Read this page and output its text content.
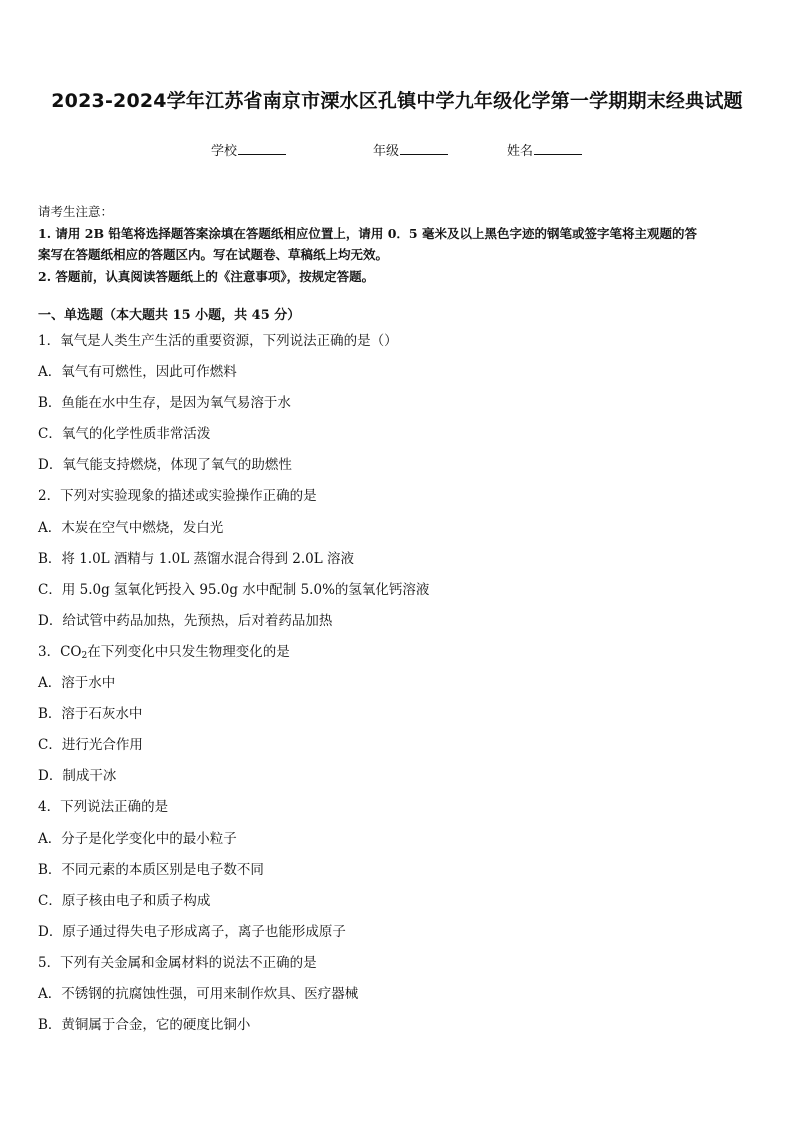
2023-2024学年江苏省南京市溧水区孔镇中学九年级化学第一学期期末经典试题
学校	年级	姓名
请考生注意：
1. 请用 2B 铅笔将选择题答案涂填在答题纸相应位置上，请用 0．5 毫米及以上黑色字迹的钢笔或签字笔将主观题的答
案写在答题纸相应的答题区内。写在试题卷、草稿纸上均无效。
2. 答题前，认真阅读答题纸上的《注意事项》，按规定答题。
一、单选题（本大题共 15 小题，共 45 分）
1．氧气是人类生产生活的重要资源，下列说法正确的是（）
A．氧气有可燃性，因此可作燃料
B．鱼能在水中生存，是因为氧气易溶于水
C．氧气的化学性质非常活泼
D．氧气能支持燃烧，体现了氧气的助燃性
2．下列对实验现象的描述或实验操作正确的是
A．木炭在空气中燃烧，发白光
B．将 1.0L 酒精与 1.0L 蒸馏水混合得到 2.0L 溶液
C．用 5.0g 氢氧化钙投入 95.0g 水中配制 5.0%的氢氧化钙溶液
D．给试管中药品加热，先预热，后对着药品加热
3．$CO_2$在下列变化中只发生物理变化的是
A．溶于水中
B．溶于石灰水中
C．进行光合作用
D．制成干冰
4．下列说法正确的是
A．分子是化学变化中的最小粒子
B．不同元素的本质区别是电子数不同
C．原子核由电子和质子构成
D．原子通过得失电子形成离子，离子也能形成原子
5．下列有关金属和金属材料的说法不正确的是
A．不锈钢的抗腐蚀性强，可用来制作炊具、医疗器械
B．黄铜属于合金，它的硬度比铜小
